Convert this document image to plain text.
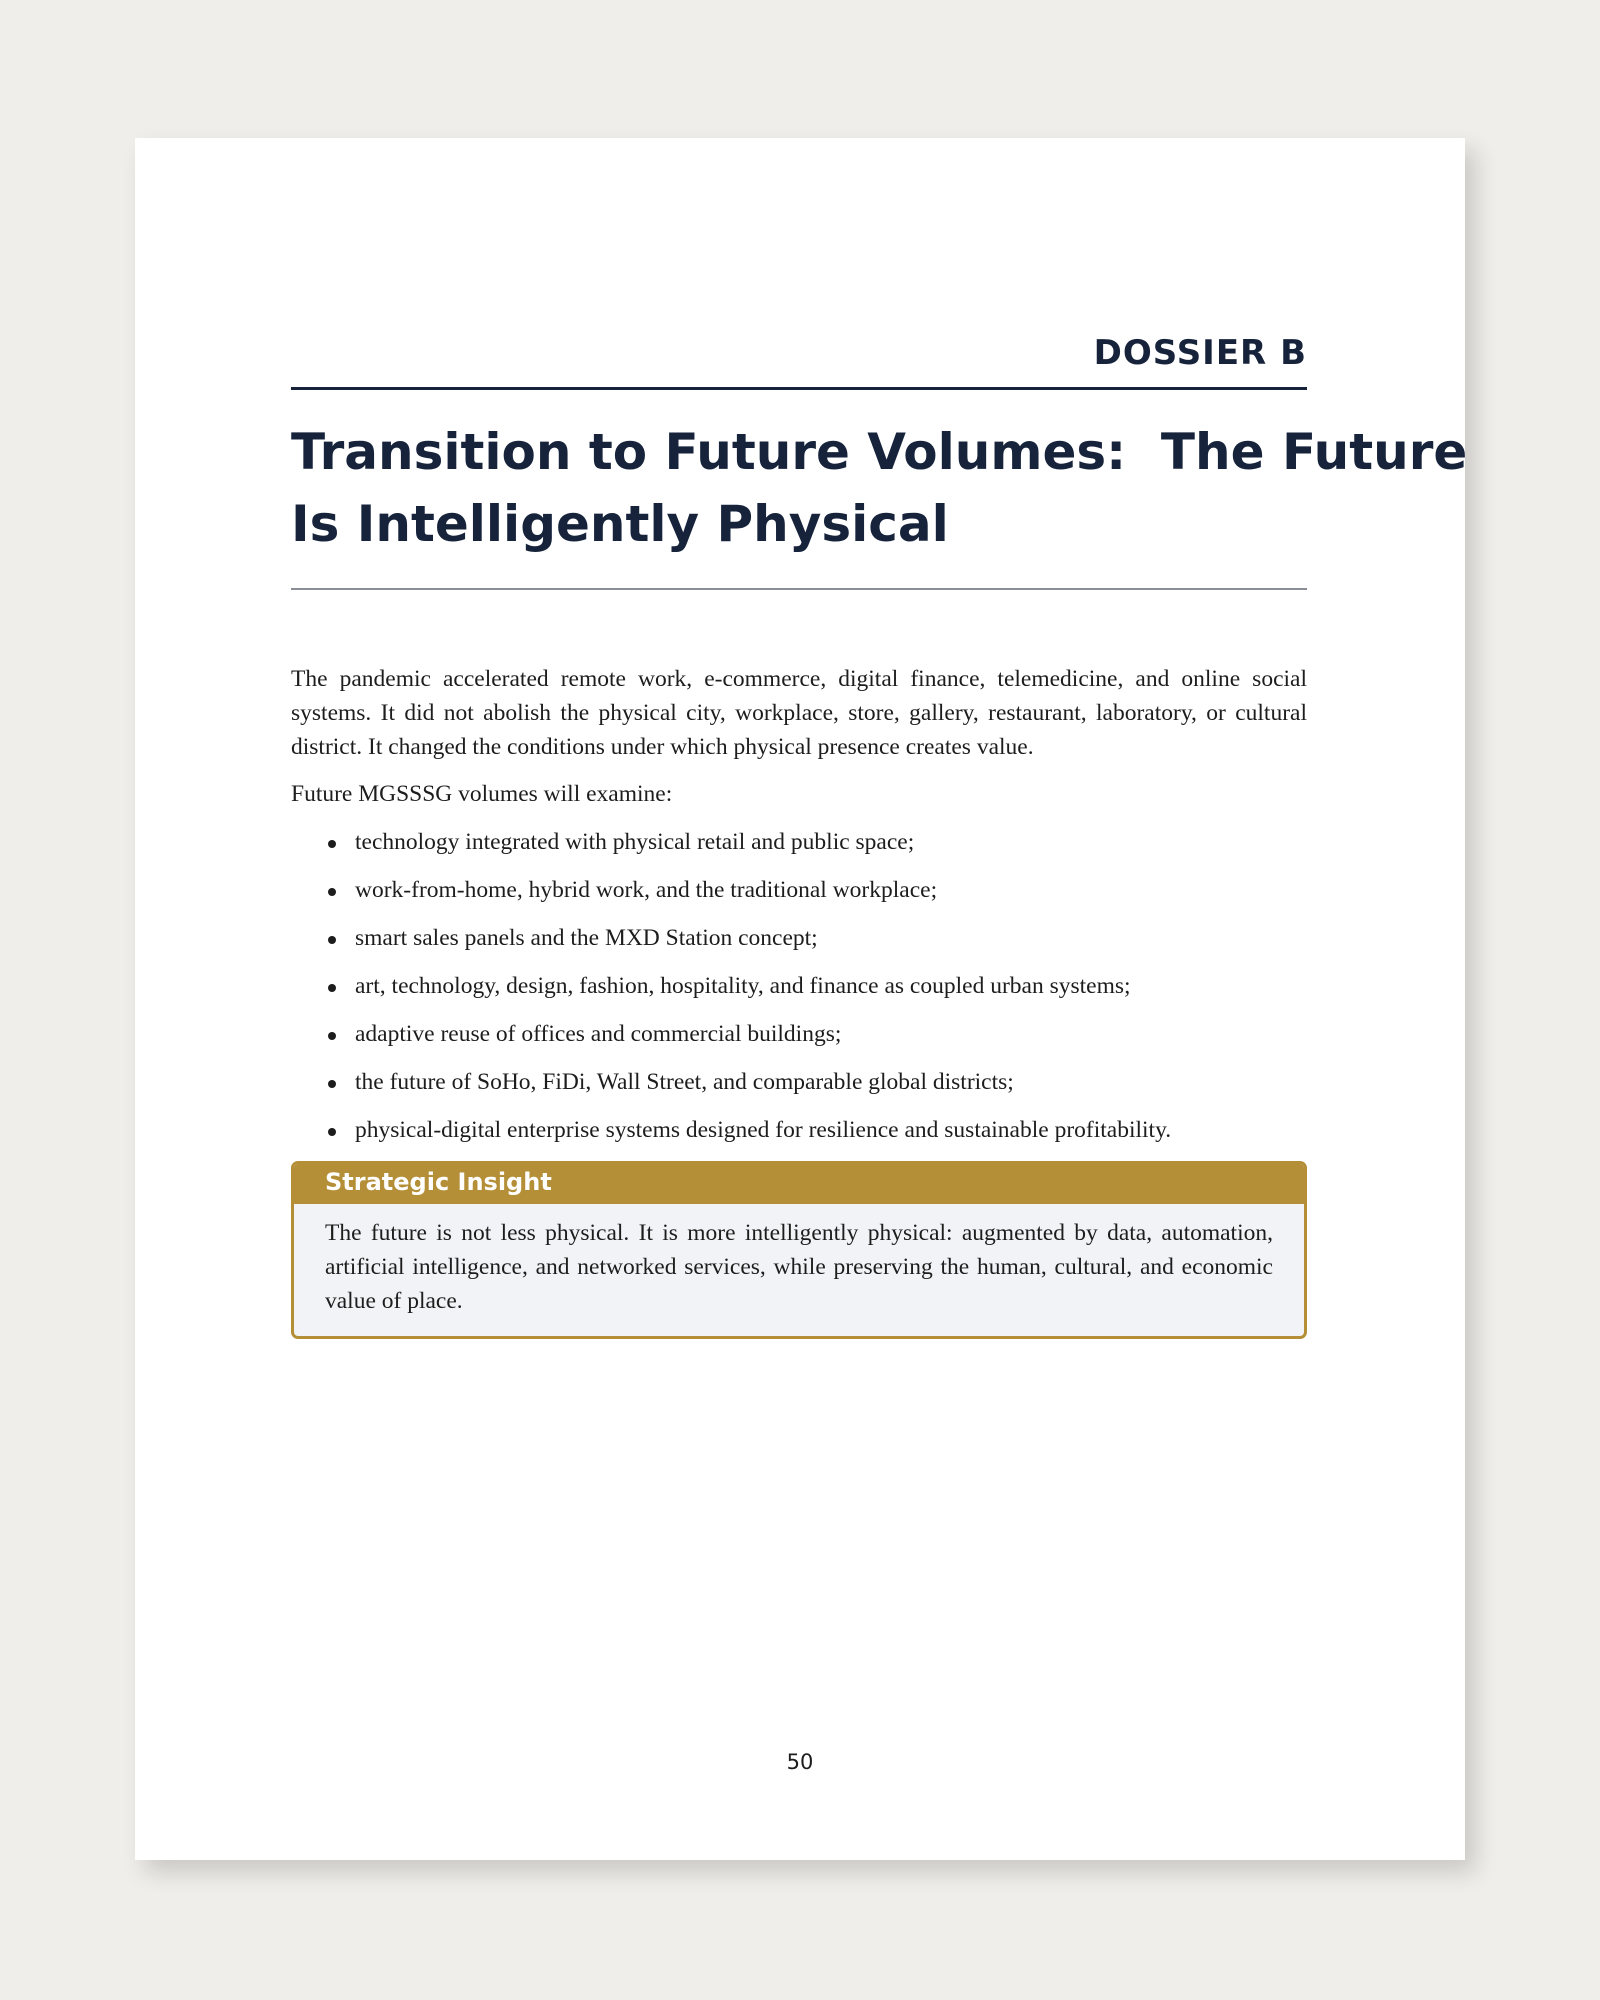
DOSSIER B
Transition to Future Volumes:  The Future
Is Intelligently Physical

The pandemic accelerated remote work, e-commerce, digital finance, telemedicine, and online social systems. It did not abolish the physical city, workplace, store, gallery, restaurant, laboratory, or cultural district. It changed the conditions under which physical presence creates value.

Future MGSSSG volumes will examine:

technology integrated with physical retail and public space;
work-from-home, hybrid work, and the traditional workplace;
smart sales panels and the MXD Station concept;
art, technology, design, fashion, hospitality, and finance as coupled urban systems;
adaptive reuse of offices and commercial buildings;
the future of SoHo, FiDi, Wall Street, and comparable global districts;
physical-digital enterprise systems designed for resilience and sustainable profitability.
Strategic Insight
The future is not less physical. It is more intelligently physical: augmented by data, automation, artificial intelligence, and networked services, while preserving the human, cultural, and economic value of place.
50
